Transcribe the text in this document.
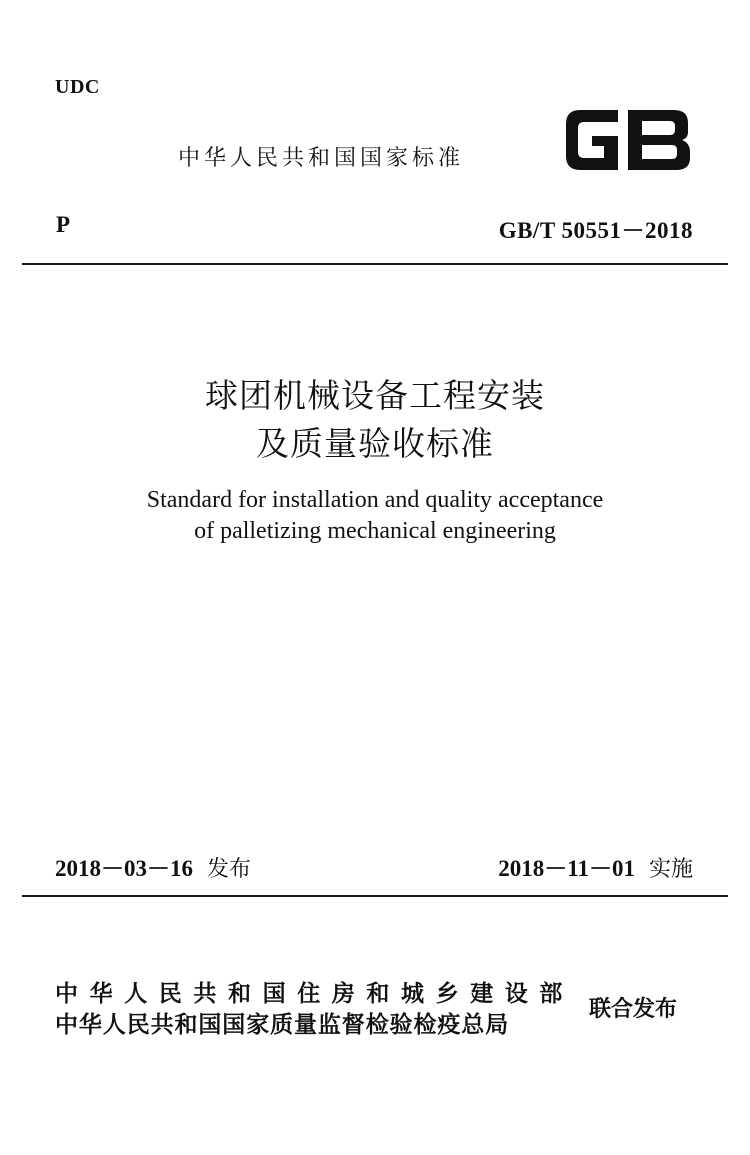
UDC
中华人民共和国国家标准
P	GB/T 50551－2018
球团机械设备工程安装
及质量验收标准
Standard for installation and quality acceptance
of palletizing mechanical engineering
2018－03－16 发布	2018－11－01 实施
中华人民共和国住房和城乡建设部
中华人民共和国国家质量监督检验检疫总局
联合发布
